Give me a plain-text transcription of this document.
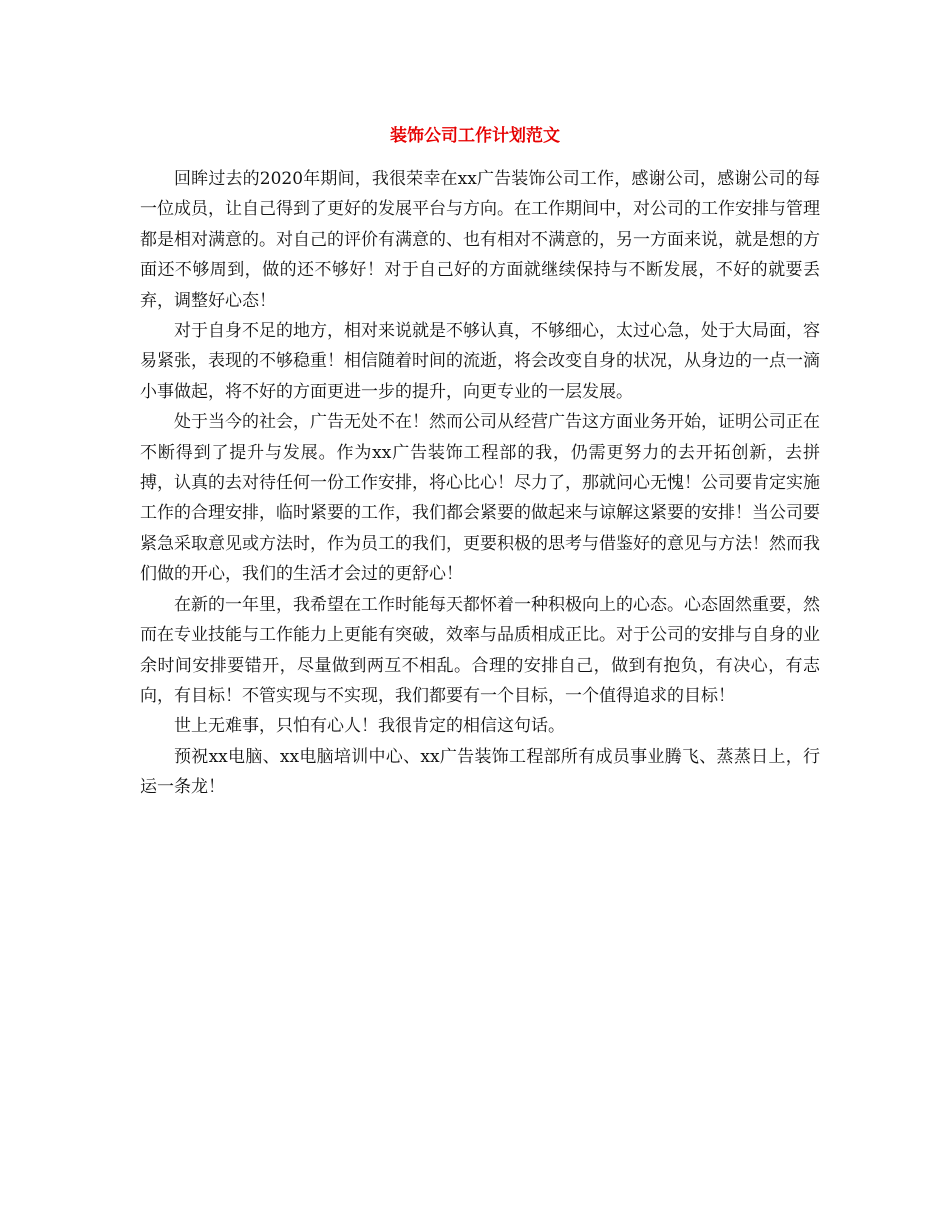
装饰公司工作计划范文

回眸过去的2020年期间，我很荣幸在xx广告装饰公司工作，感谢公司，感谢公司的每一位成员，让自己得到了更好的发展平台与方向。在工作期间中，对公司的工作安排与管理都是相对满意的。对自己的评价有满意的、也有相对不满意的，另一方面来说，就是想的方面还不够周到，做的还不够好！对于自己好的方面就继续保持与不断发展，不好的就要丢弃，调整好心态！

对于自身不足的地方，相对来说就是不够认真，不够细心，太过心急，处于大局面，容易紧张，表现的不够稳重！相信随着时间的流逝，将会改变自身的状况，从身边的一点一滴小事做起，将不好的方面更进一步的提升，向更专业的一层发展。

处于当今的社会，广告无处不在！然而公司从经营广告这方面业务开始，证明公司正在不断得到了提升与发展。作为xx广告装饰工程部的我，仍需更努力的去开拓创新，去拼搏，认真的去对待任何一份工作安排，将心比心！尽力了，那就问心无愧！公司要肯定实施工作的合理安排，临时紧要的工作，我们都会紧要的做起来与谅解这紧要的安排！当公司要紧急采取意见或方法时，作为员工的我们，更要积极的思考与借鉴好的意见与方法！然而我们做的开心，我们的生活才会过的更舒心！

在新的一年里，我希望在工作时能每天都怀着一种积极向上的心态。心态固然重要，然而在专业技能与工作能力上更能有突破，效率与品质相成正比。对于公司的安排与自身的业余时间安排要错开，尽量做到两互不相乱。合理的安排自己，做到有抱负，有决心，有志向，有目标！不管实现与不实现，我们都要有一个目标，一个值得追求的目标！

世上无难事，只怕有心人！我很肯定的相信这句话。

预祝xx电脑、xx电脑培训中心、xx广告装饰工程部所有成员事业腾飞、蒸蒸日上，行运一条龙！
